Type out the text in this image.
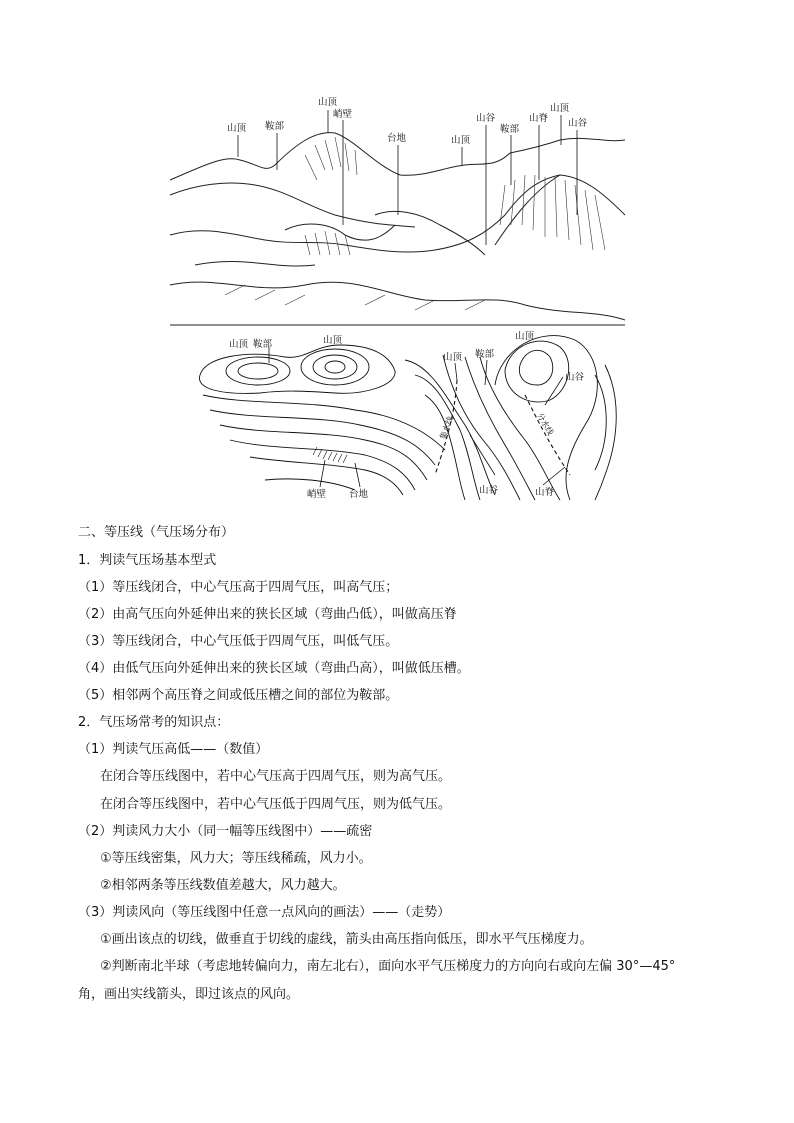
山顶 鞍部
山顶
峭壁
台地	山顶
山谷
鞍部
山脊
山顶
山谷
山顶 鞍部	山顶
山顶 鞍部
山顶
山谷
山谷	山脊
峭壁 台地
集水线	分水线
二、等压线（气压场分布）
1．判读气压场基本型式
（1）等压线闭合，中心气压高于四周气压，叫高气压；
（2）由高气压向外延伸出来的狭长区域（弯曲凸低），叫做高压脊
（3）等压线闭合，中心气压低于四周气压，叫低气压。
（4）由低气压向外延伸出来的狭长区域（弯曲凸高），叫做低压槽。
（5）相邻两个高压脊之间或低压槽之间的部位为鞍部。
2．气压场常考的知识点：
（1）判读气压高低——（数值）
在闭合等压线图中，若中心气压高于四周气压，则为高气压。
在闭合等压线图中，若中心气压低于四周气压，则为低气压。
（2）判读风力大小（同一幅等压线图中）——疏密
①等压线密集，风力大；等压线稀疏，风力小。
②相邻两条等压线数值差越大，风力越大。
（3）判读风向（等压线图中任意一点风向的画法）——（走势）
①画出该点的切线，做垂直于切线的虚线，箭头由高压指向低压，即水平气压梯度力。
②判断南北半球（考虑地转偏向力，南左北右），面向水平气压梯度力的方向向右或向左偏 30°—45°
角，画出实线箭头，即过该点的风向。
